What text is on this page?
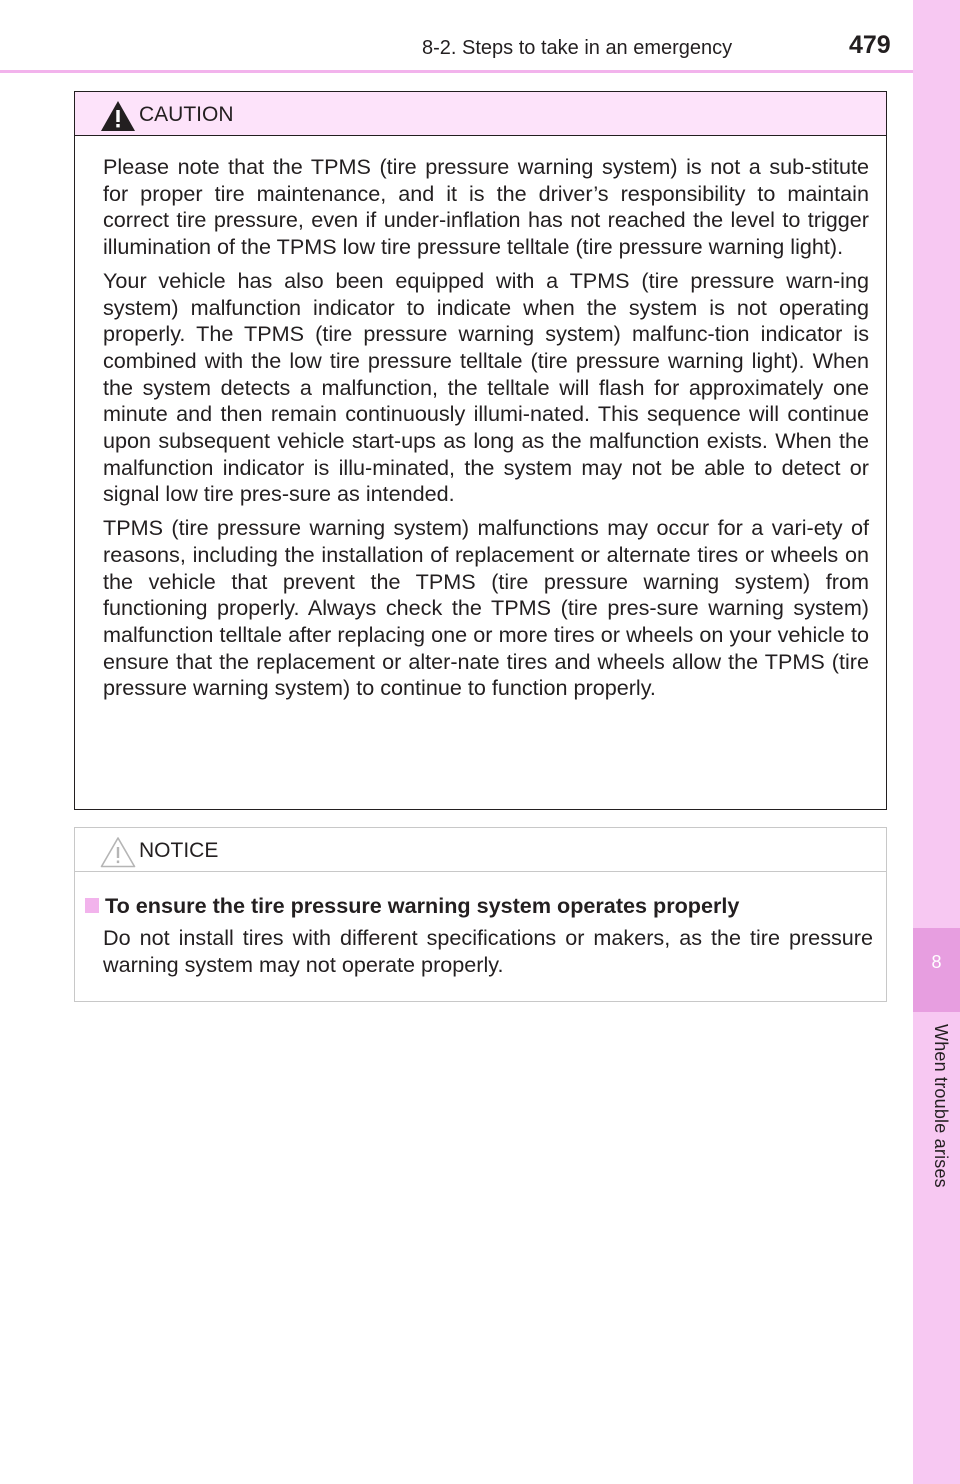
8
When trouble arises
8-2. Steps to take in an emergency	479
CAUTION

Please note that the TPMS (tire pressure warning system) is not a sub-stitute for proper tire maintenance, and it is the driver’s responsibility to maintain correct tire pressure, even if under-inflation has not reached the level to trigger illumination of the TPMS low tire pressure telltale (tire pressure warning light).

Your vehicle has also been equipped with a TPMS (tire pressure warn-ing system) malfunction indicator to indicate when the system is not operating properly. The TPMS (tire pressure warning system) malfunc-tion indicator is combined with the low tire pressure telltale (tire pressure warning light). When the system detects a malfunction, the telltale will flash for approximately one minute and then remain continuously illumi-nated. This sequence will continue upon subsequent vehicle start-ups as long as the malfunction exists. When the malfunction indicator is illu-minated, the system may not be able to detect or signal low tire pres-sure as intended.

TPMS (tire pressure warning system) malfunctions may occur for a vari-ety of reasons, including the installation of replacement or alternate tires or wheels on the vehicle that prevent the TPMS (tire pressure warning system) from functioning properly. Always check the TPMS (tire pres-sure warning system) malfunction telltale after replacing one or more tires or wheels on your vehicle to ensure that the replacement or alter-nate tires and wheels allow the TPMS (tire pressure warning system) to continue to function properly.

NOTICE
To ensure the tire pressure warning system operates properly

Do not install tires with different specifications or makers, as the tire pressure warning system may not operate properly.
